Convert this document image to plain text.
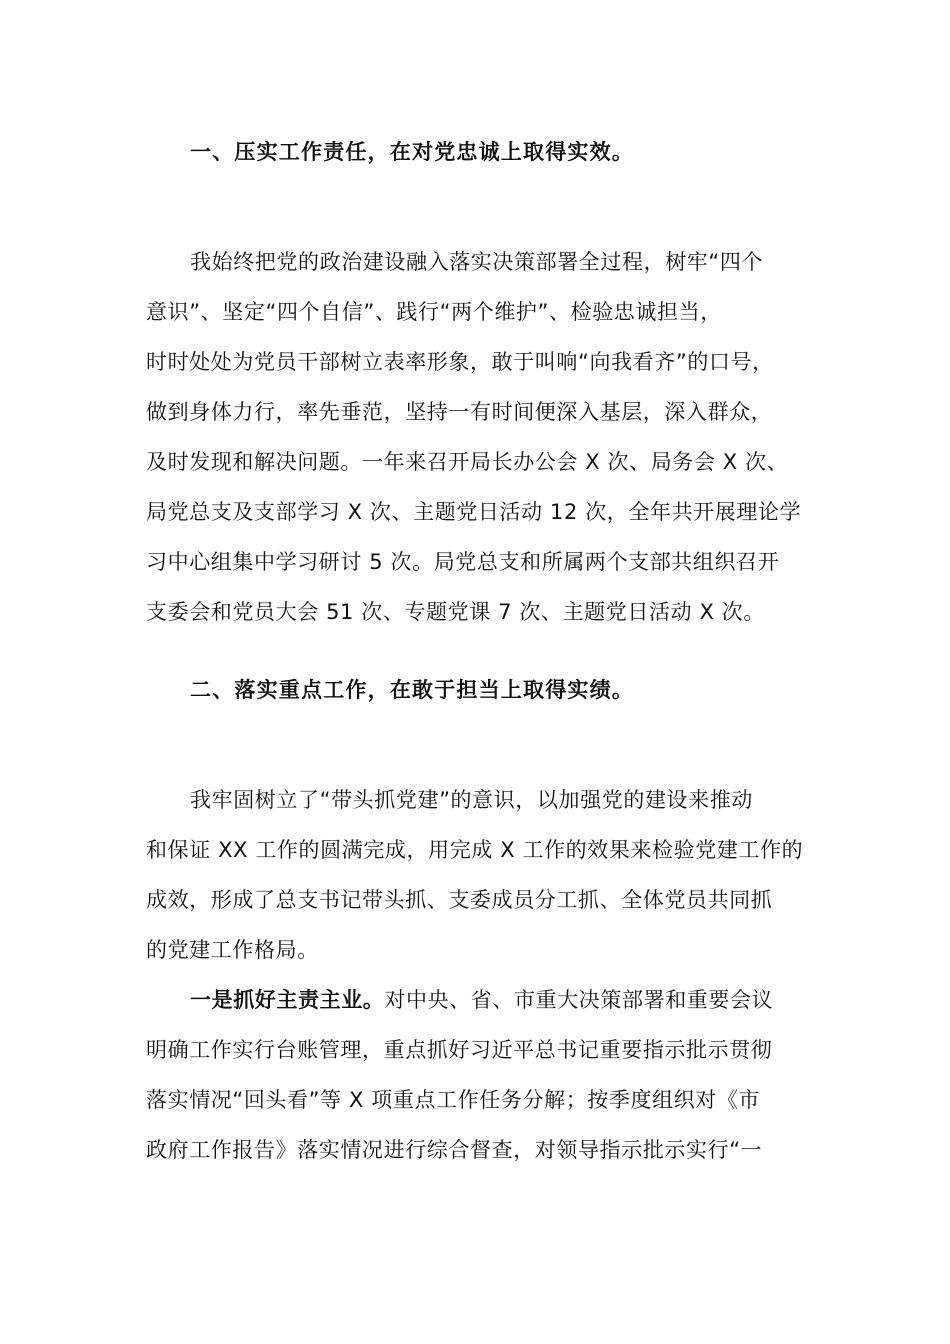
一、压实工作责任，在对党忠诚上取得实效。
我始终把党的政治建设融入落实决策部署全过程，树牢“四个
意识”、坚定“四个自信”、践行“两个维护”、检验忠诚担当，
时时处处为党员干部树立表率形象，敢于叫响“向我看齐”的口号，
做到身体力行，率先垂范，坚持一有时间便深入基层，深入群众，
及时发现和解决问题。一年来召开局长办公会 X 次、局务会 X 次、
局党总支及支部学习 X 次、主题党日活动 12 次，全年共开展理论学
习中心组集中学习研讨 5 次。局党总支和所属两个支部共组织召开
支委会和党员大会 51 次、专题党课 7 次、主题党日活动 X 次。
二、落实重点工作，在敢于担当上取得实绩。
我牢固树立了“带头抓党建”的意识，以加强党的建设来推动
和保证 XX 工作的圆满完成，用完成 X 工作的效果来检验党建工作的
成效，形成了总支书记带头抓、支委成员分工抓、全体党员共同抓
的党建工作格局。
一是抓好主责主业。对中央、省、市重大决策部署和重要会议
明确工作实行台账管理，重点抓好习近平总书记重要指示批示贯彻
落实情况“回头看”等 X 项重点工作任务分解；按季度组织对《市
政府工作报告》落实情况进行综合督查，对领导指示批示实行“一
